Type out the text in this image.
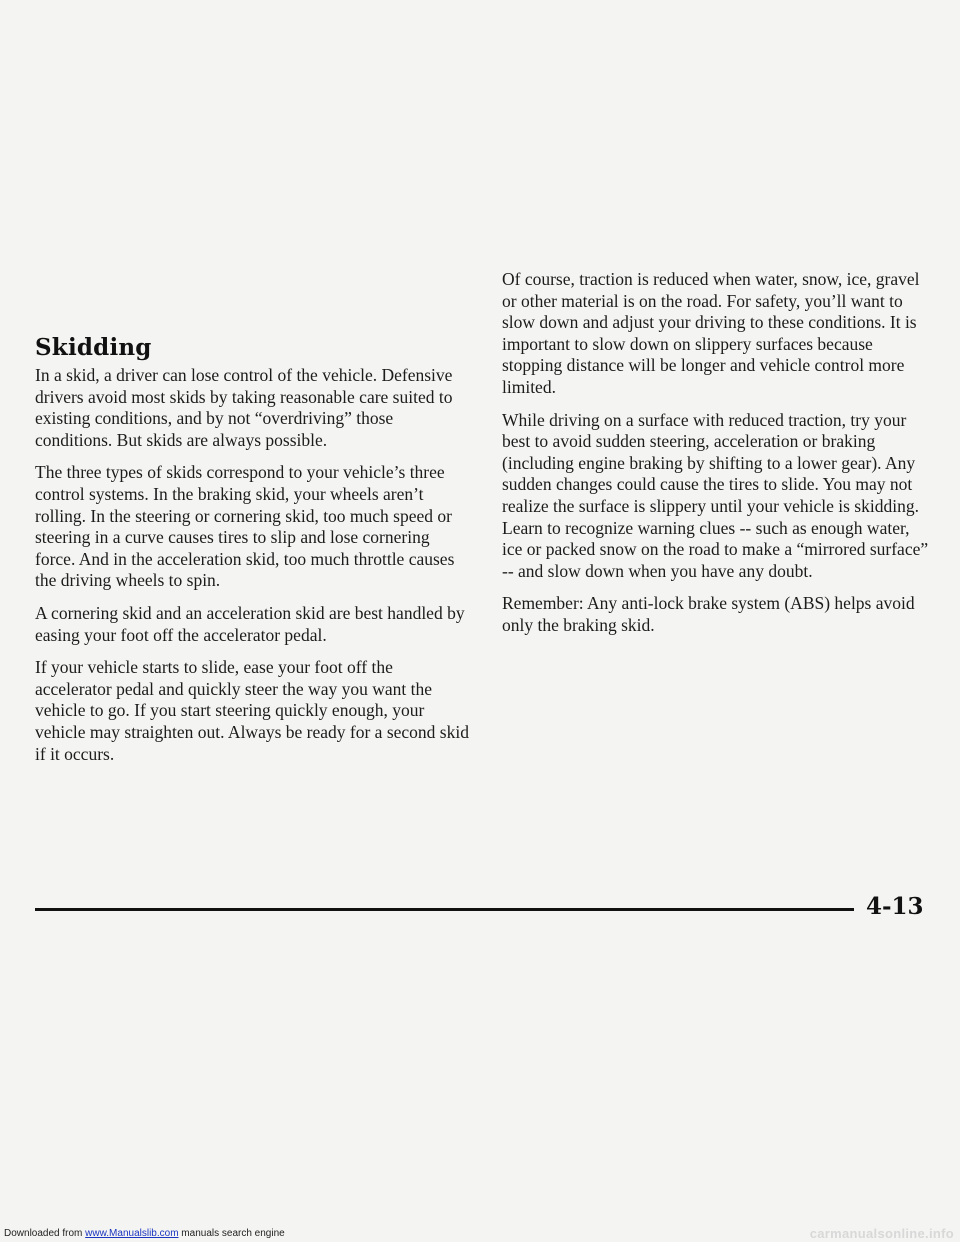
Skidding

In a skid, a driver can lose control of the vehicle. Defensive drivers avoid most skids by taking reasonable care suited to existing conditions, and by not “overdriving” those conditions. But skids are always possible.

The three types of skids correspond to your vehicle’s three control systems. In the braking skid, your wheels aren’t rolling. In the steering or cornering skid, too much speed or steering in a curve causes tires to slip and lose cornering force. And in the acceleration skid, too much throttle causes the driving wheels to spin.

A cornering skid and an acceleration skid are best handled by easing your foot off the accelerator pedal.

If your vehicle starts to slide, ease your foot off the accelerator pedal and quickly steer the way you want the vehicle to go. If you start steering quickly enough, your vehicle may straighten out. Always be ready for a second skid if it occurs.

Of course, traction is reduced when water, snow, ice, gravel or other material is on the road. For safety, you’ll want to slow down and adjust your driving to these conditions. It is important to slow down on slippery surfaces because stopping distance will be longer and vehicle control more limited.

While driving on a surface with reduced traction, try your best to avoid sudden steering, acceleration or braking (including engine braking by shifting to a lower gear). Any sudden changes could cause the tires to slide. You may not realize the surface is slippery until your vehicle is skidding. Learn to recognize warning clues -- such as enough water, ice or packed snow on the road to make a “mirrored surface” -- and slow down when you have any doubt.

Remember: Any anti-lock brake system (ABS) helps avoid only the braking skid.

4-13
Downloaded from www.Manualslib.com manuals search engine	carmanualsonline.info
